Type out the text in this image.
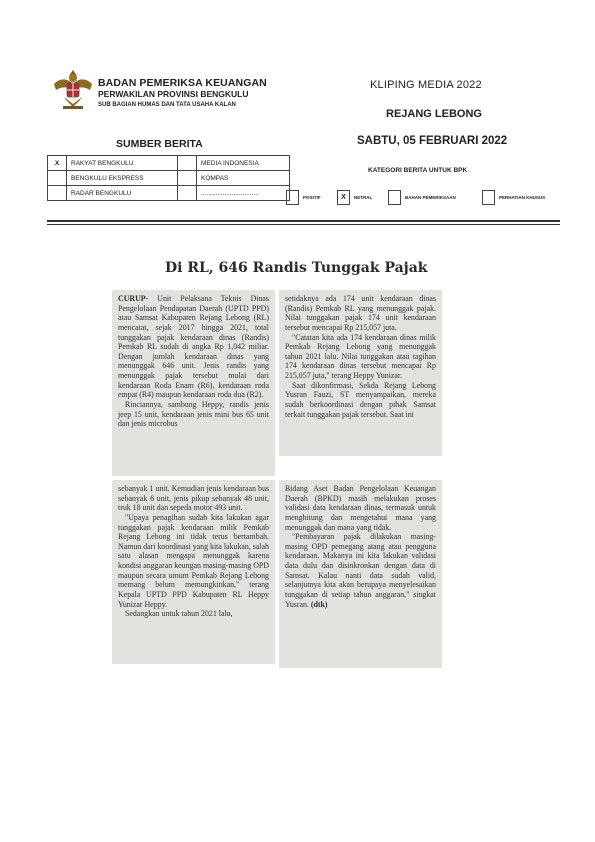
BADAN PEMERIKSA KEUANGAN
PERWAKILAN PROVINSI BENGKULU
SUB BAGIAN HUMAS DAN TATA USAHA KALAN
KLIPING MEDIA 2022
REJANG LEBONG
SUMBER BERITA	SABTU, 05 FEBRUARI 2022
KATEGORI BERITA UNTUK BPK
X	RAKYAT BENGKULU		MEDIA INDONESIA
	BENGKULU EKSPRESS		KOMPAS
	RADAR BENGKULU		................................
POSITIF	X	NETRAL	BAHAN PEMERIKSAAN	PERHATIAN KHUSUS
Di RL, 646 Randis Tunggak Pajak

CURUP- Unit Pelaksana Teknis Dinas Pengelolaan Pendapatan Daerah (UPTD PPD) atau Samsat Kabupaten Rejang Lebong (RL) mencatat, sejak 2017 hingga 2021, total tunggakan pajak kendaraan dinas (Randis) Pemkab RL sudah di angka Rp 1,042 miliar. Dengan jumlah kendaraan dinas yang menunggak 646 unit. Jenis randis yang menunggak pajak tersebut mulai dari kendaraan Roda Enam (R6), kendaraan roda empat (R4) maupun kendaraan roda dua (R2).

Rinciannya, sambung Heppy, randis jenis jeep 15 unit, kendaraan jenis mini bus 65 unit dan jenis microbus

setidaknya ada 174 unit kendaraan dinas (Randis) Pemkab RL yang menunggak pajak. Nilai tunggakan pajak 174 unit kendaraan tersebut mencapai Rp 215,057 juta.

"Catatan kita ada 174 kendaraan dinas milik Pemkab Rejang Lebong yang menunggak tahun 2021 lalu. Nilai tunggakan atau tagihan 174 kendaraan dinas tersebut mencapai Rp 215,057 juta," terang Heppy Yunizar.

Saat dikonfirmasi, Sekda Rejang Lebong Yusran Fauzi, ST menyampaikan, mereka sudah berkoordinasi dengan pihak Samsat terkait tunggakan pajak tersebut. Saat ini

sebanyak 1 unit. Kemudian jenis kendaraan bus sebanyak 6 unit, jenis pikup sebanyak 48 unit, truk 18 unit dan sepeda motor 493 unit.

"Upaya penagihan sudah kita lakukan agar tunggakan pajak kendaraan milik Pemkab Rejang Lebong ini tidak terus bertambah. Namun dari koordinasi yang kita lakukan, salah satu alasan mengapa menunggak karena kondisi anggaran keungan masing-masing OPD maupun secara umum Pemkab Rejang Lebong memang belum memungkinkan," terang Kepala UPTD PPD Kabupaten RL Heppy Yunizar Heppy.

Sedangkan untuk tahun 2021 lalu,

Bidang Aset Badan Pengelolaan Keuangan Daerah (BPKD) masih melakukan proses validasi data kendaraan dinas, termasuk untuk menghitung dan mengetahui mana yang menunggak dan mana yang tidak.

"Pembayaran pajak dilakukan masing-masing OPD pemegang atang atau pengguna kendaraan. Makanya ini kita lakukan validasi data dulu dan disinkronkan dengan data di Samsat. Kalau nanti data sudah valid, selanjutnya kita akan berupaya menyelesaikan tunggakan di setiap tahun anggaran," singkat Yusran. (dtk)
